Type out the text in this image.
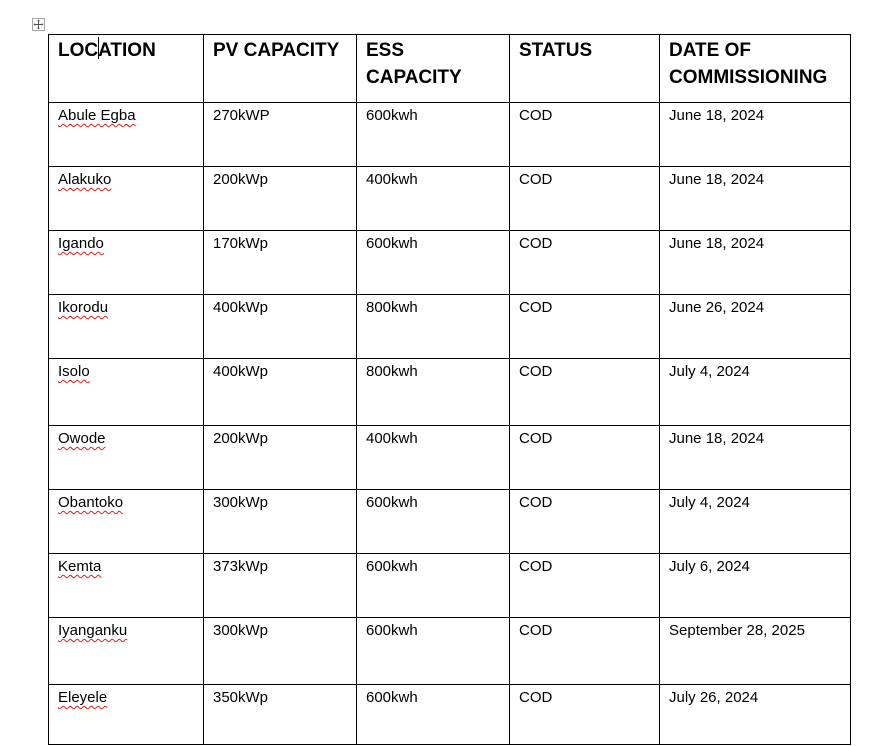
LOCATION	PV CAPACITY	ESS CAPACITY	STATUS	DATE OF
COMMISSIONING

Abule Egba	270kWP	600kwh	COD	June 18, 2024

Alakuko	200kWp	400kwh	COD	June 18, 2024

Igando	170kWp	600kwh	COD	June 18, 2024

Ikorodu	400kWp	800kwh	COD	June 26, 2024

Isolo	400kWp	800kwh	COD	July 4, 2024

Owode	200kWp	400kwh	COD	June 18, 2024

Obantoko	300kWp	600kwh	COD	July 4, 2024

Kemta	373kWp	600kwh	COD	July 6, 2024

Iyanganku	300kWp	600kwh	COD	September 28, 2025

Eleyele	350kWp	600kwh	COD	July 26, 2024
